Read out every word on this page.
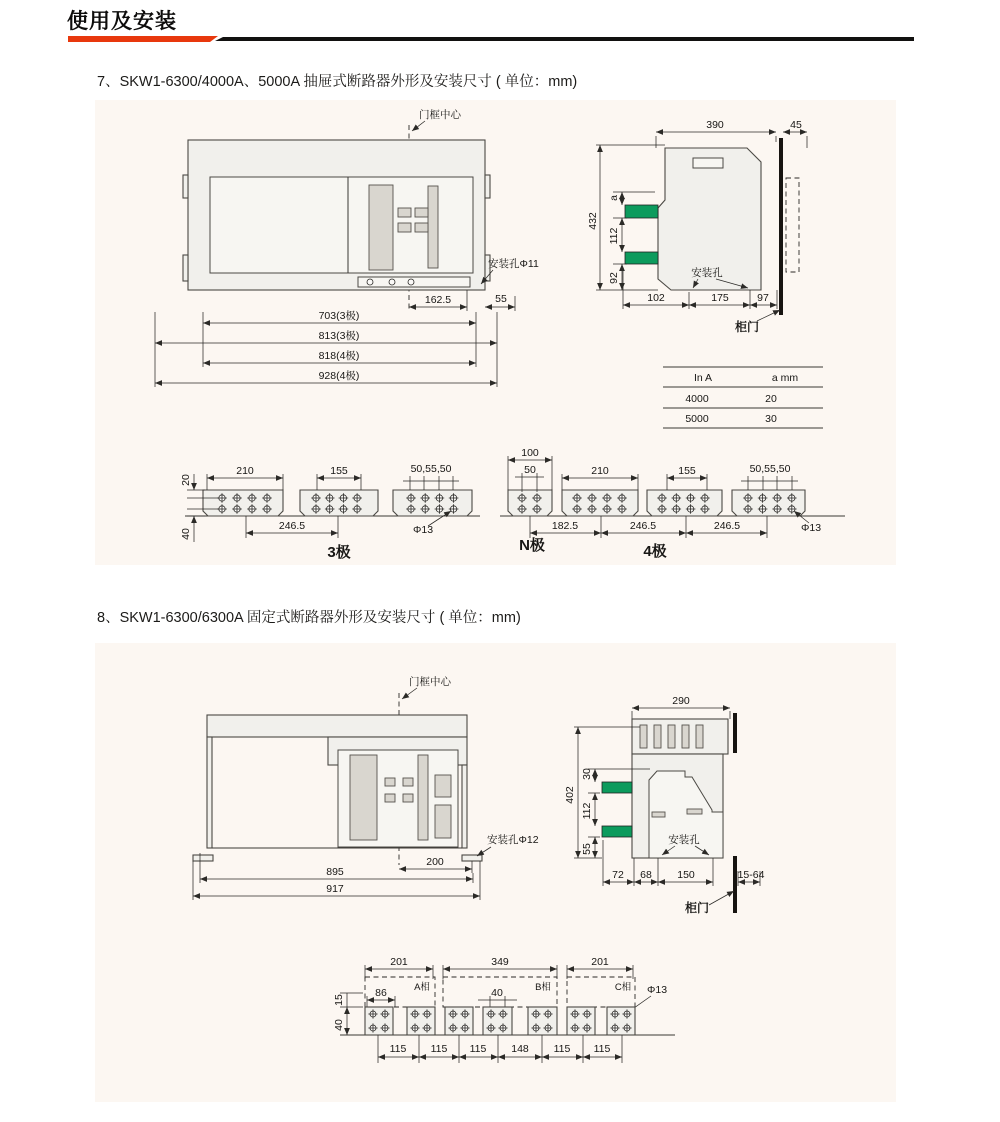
使用及安装
7、SKW1-6300/4000A、5000A 抽屉式断路器外形及安装尺寸 ( 单位：mm)
8、SKW1-6300/6300A 固定式断路器外形及安装尺寸 ( 单位：mm)
门框中心
安装孔Φ11
162.5	55
703(3极)
813(3极)
818(4极)
928(4极)
390	45
432
a
112
92
102	175	97
安装孔
柜门
In A	a mm
4000	20
5000	30
210	155	50,55,50
20
40
246.5	Φ13
3极
100
50	210	155	50,55,50
182.5	246.5	246.5	Φ13
N极	4极
门框中心
安装孔Φ12
200
895
917
290
402
30
112
55
72 68 150	15-64
安装孔
柜门
201	349	201
A相	B相	C相
86	40
15
40
Φ13
115 115 115 148 115 115
